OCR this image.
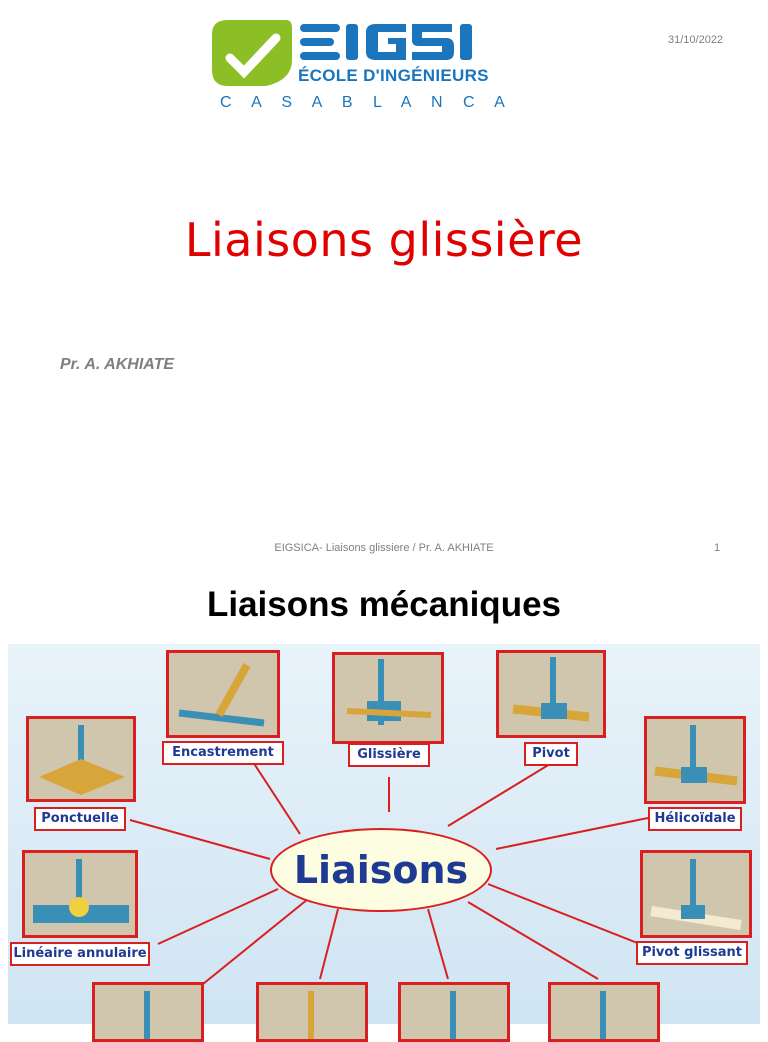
ÉCOLE D'INGÉNIEURS
C A S A B L A N C A
31/10/2022
Liaisons glissière
Pr. A. AKHIATE
EIGSICA- Liaisons glissiere / Pr. A. AKHIATE	1
Liaisons mécaniques
Liaisons
Encastrement	Glissière	Pivot
Ponctuelle	Hélicoïdale
Linéaire annulaire	Pivot glissant
